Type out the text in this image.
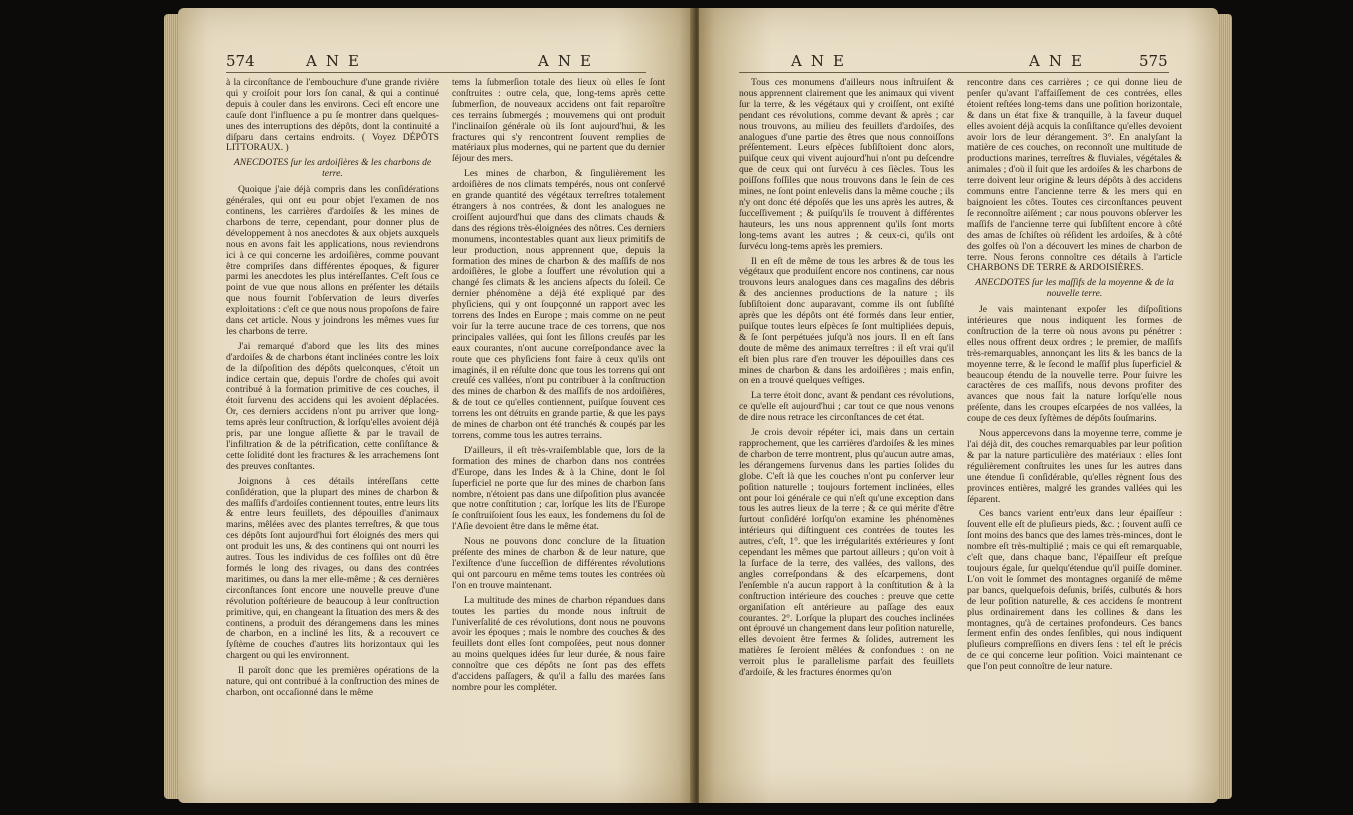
574	ANE	ANE

à la circonſtance de l'embouchure d'une grande rivière qui y croiſoit pour lors ſon canal, & qui a continué depuis à couler dans les environs. Ceci eſt encore une cauſe dont l'influence a pu ſe montrer dans quelques-unes des interruptions des dépôts, dont la continuité a diſparu dans certains endroits. ( Voyez DÉPÔTS LITTORAUX. )

ANECDOTES ſur les ardoiſières & les charbons de terre.

Quoique j'aie déjà compris dans les conſidérations générales, qui ont eu pour objet l'examen de nos continens, les carrières d'ardoiſes & les mines de charbons de terre, cependant, pour donner plus de développement à nos anecdotes & aux objets auxquels nous en avons fait les applications, nous reviendrons ici à ce qui concerne les ardoiſières, comme pouvant être compriſes dans différentes époques, & figurer parmi les anecdotes les plus intéreſſantes. C'eſt ſous ce point de vue que nous allons en préſenter les détails que nous fournit l'obſervation de leurs diverſes exploitations : c'eſt ce que nous nous propoſons de faire dans cet article. Nous y joindrons les mêmes vues ſur les charbons de terre.

J'ai remarqué d'abord que les lits des mines d'ardoiſes & de charbons étant inclinées contre les loix de la diſpoſition des dépôts quelconques, c'étoit un indice certain que, depuis l'ordre de choſes qui avoit contribué à la formation primitive de ces couches, il étoit ſurvenu des accidens qui les avoient déplacées. Or, ces derniers accidens n'ont pu arriver que long-tems après leur conſtruction, & lorſqu'elles avoient déjà pris, par une longue aſſiette & par le travail de l'infiltration & de la pétrification, cette conſiſtance & cette ſolidité dont les fractures & les arrachemens ſont des preuves conſtantes.

Joignons à ces détails intéreſſans cette conſidération, que la plupart des mines de charbon & des maſſifs d'ardoiſes contiennent toutes, entre leurs lits & entre leurs feuillets, des dépouilles d'animaux marins, mêlées avec des plantes terreſtres, & que tous ces dépôts ſont aujourd'hui fort éloignés des mers qui ont produit les uns, & des continens qui ont nourri les autres. Tous les individus de ces foſſiles ont dû être formés le long des rivages, ou dans des contrées maritimes, ou dans la mer elle-même ; & ces dernières circonſtances ſont encore une nouvelle preuve d'une révolution poſtérieure de beaucoup à leur conſtruction primitive, qui, en changeant la ſituation des mers & des continens, a produit des dérangemens dans les mines de charbon, en a incliné les lits, & a recouvert ce ſyſtème de couches d'autres lits horizontaux qui les chargent ou qui les environnent.

Il paroît donc que les premières opérations de la nature, qui ont contribué à la conſtruction des mines de charbon, ont occaſionné dans le même

tems la ſubmerſion totale des lieux où elles ſe ſont conſtruites : outre cela, que, long-tems après cette ſubmerſion, de nouveaux accidens ont fait reparoître ces terrains ſubmergés ; mouvemens qui ont produit l'inclinaiſon générale où ils ſont aujourd'hui, & les fractures qui s'y rencontrent ſouvent remplies de matériaux plus modernes, qui ne partent que du dernier ſéjour des mers.

Les mines de charbon, & ſingulièrement les ardoiſières de nos climats tempérés, nous ont conſervé en grande quantité des végétaux terreſtres totalement étrangers à nos contrées, & dont les analogues ne croiſſent aujourd'hui que dans des climats chauds & dans des régions très-éloignées des nôtres. Ces derniers monumens, incontestables quant aux lieux primitifs de leur production, nous apprennent que, depuis la formation des mines de charbon & des maſſifs de nos ardoiſières, le globe a ſouffert une révolution qui a changé ſes climats & les anciens aſpects du ſoleil. Ce dernier phénomène a déjà été expliqué par des phyſiciens, qui y ont ſoupçonné un rapport avec les torrens des Indes en Europe ; mais comme on ne peut voir ſur la terre aucune trace de ces torrens, que nos principales vallées, qui ſont les ſillons creuſés par les eaux courantes, n'ont aucune correſpondance avec la route que ces phyſiciens font faire à ceux qu'ils ont imaginés, il en réſulte donc que tous les torrens qui ont creuſé ces vallées, n'ont pu contribuer à la conſtruction des mines de charbon & des maſſifs de nos ardoiſières, & de tout ce qu'elles contiennent, puiſque ſouvent ces torrens les ont détruits en grande partie, & que les pays de mines de charbon ont été tranchés & coupés par les torrens, comme tous les autres terrains.

D'ailleurs, il eſt très-vraiſemblable que, lors de la formation des mines de charbon dans nos contrées d'Europe, dans les Indes & à la Chine, dont le ſol ſuperficiel ne porte que ſur des mines de charbon ſans nombre, n'étoient pas dans une diſpoſition plus avancée que notre conſtitution ; car, lorſque les lits de l'Europe ſe conſtruiſoient ſous les eaux, les fondemens du ſol de l'Aſie devoient être dans le même état.

Nous ne pouvons donc conclure de la ſituation préſente des mines de charbon & de leur nature, que l'exiſtence d'une ſucceſſion de différentes révolutions qui ont parcouru en même tems toutes les contrées où l'on en trouve maintenant.

La multitude des mines de charbon répandues dans toutes les parties du monde nous inſtruit de l'univerſalité de ces révolutions, dont nous ne pouvons avoir les époques ; mais le nombre des couches & des feuillets dont elles ſont compoſées, peut nous donner au moins quelques idées ſur leur durée, & nous faire connoître que ces dépôts ne ſont pas des effets d'accidens paſſagers, & qu'il a fallu des marées ſans nombre pour les compléter.

ANE	ANE	575

Tous ces monumens d'ailleurs nous inſtruiſent & nous apprennent clairement que les animaux qui vivent ſur la terre, & les végétaux qui y croiſſent, ont exiſté pendant ces révolutions, comme devant & après ; car nous trouvons, au milieu des feuillets d'ardoiſes, des analogues d'une partie des êtres que nous connoiſſons préſentement. Leurs eſpèces ſubſiſtoient donc alors, puiſque ceux qui vivent aujourd'hui n'ont pu deſcendre que de ceux qui ont ſurvécu à ces ſiècles. Tous les poiſſons foſſiles que nous trouvons dans le ſein de ces mines, ne ſont point enlevelis dans la même couche ; ils n'y ont donc été dépoſés que les uns après les autres, & ſucceſſivement ; & puiſqu'ils ſe trouvent à différentes hauteurs, les uns nous apprennent qu'ils ſont morts long-tems avant les autres ; & ceux-ci, qu'ils ont ſurvécu long-tems après les premiers.

Il en eſt de même de tous les arbres & de tous les végétaux que produiſent encore nos continens, car nous trouvons leurs analogues dans ces magaſins des débris & des anciennes productions de la nature ; ils ſubſiſtoient donc auparavant, comme ils ont ſubſiſté après que les dépôts ont été formés dans leur entier, puiſque toutes leurs eſpèces ſe ſont multipliées depuis, & ſe ſont perpétuées juſqu'à nos jours. Il en eſt ſans doute de même des animaux terreſtres : il eſt vrai qu'il eſt bien plus rare d'en trouver les dépouilles dans ces mines de charbon & dans les ardoiſières ; mais enfin, on en a trouvé quelques veſtiges.

La terre étoit donc, avant & pendant ces révolutions, ce qu'elle eſt aujourd'hui ; car tout ce que nous venons de dire nous retrace les circonſtances de cet état.

Je crois devoir répéter ici, mais dans un certain rapprochement, que les carrières d'ardoiſes & les mines de charbon de terre montrent, plus qu'aucun autre amas, les dérangemens ſurvenus dans les parties ſolides du globe. C'eſt là que les couches n'ont pu conſerver leur poſition naturelle ; toujours fortement inclinées, elles ont pour loi générale ce qui n'eſt qu'une exception dans tous les autres lieux de la terre ; & ce qui mérite d'être ſurtout conſidéré lorſqu'on examine les phénomènes intérieurs qui diſtinguent ces contrées de toutes les autres, c'eſt, 1°. que les irrégularités extérieures y ſont cependant les mêmes que partout ailleurs ; qu'on voit à la ſurface de la terre, des vallées, des vallons, des angles correſpondans & des eſcarpemens, dont l'enſemble n'a aucun rapport à la conſtitution & à la conſtruction intérieure des couches : preuve que cette organiſation eſt antérieure au paſſage des eaux courantes. 2°. Lorſque la plupart des couches inclinées ont éprouvé un changement dans leur poſition naturelle, elles devoient être fermes & ſolides, autrement les matières ſe ſeroient mêlées & confondues : on ne verroit plus le parallelisme parfait des feuillets d'ardoiſe, & les fractures énormes qu'on

rencontre dans ces carrières ; ce qui donne lieu de penſer qu'avant l'affaiſſement de ces contrées, elles étoient reſtées long-tems dans une poſition horizontale, & dans un état fixe & tranquille, à la faveur duquel elles avoient déjà acquis la conſiſtance qu'elles devoient avoir lors de leur dérangement. 3°. En analyſant la matière de ces couches, on reconnoît une multitude de productions marines, terreſtres & fluviales, végétales & animales ; d'où il ſuit que les ardoiſes & les charbons de terre doivent leur origine & leurs dépôts à des accidens communs entre l'ancienne terre & les mers qui en baignoient les côtes. Toutes ces circonſtances peuvent ſe reconnoître aiſément ; car nous pouvons obſerver les maſſifs de l'ancienne terre qui ſubſiſtent encore à côté des amas de ſchiſtes où réſident les ardoiſes, & à côté des golfes où l'on a découvert les mines de charbon de terre. Nous ferons connoître ces détails à l'article CHARBONS DE TERRE & ARDOISIÈRES.

ANECDOTES ſur les maſſifs de la moyenne & de la nouvelle terre.

Je vais maintenant expoſer les diſpoſitions intérieures que nous indiquent les formes de conſtruction de la terre où nous avons pu pénétrer : elles nous offrent deux ordres ; le premier, de maſſifs très-remarquables, annonçant les lits & les bancs de la moyenne terre, & le ſecond le maſſif plus ſuperficiel & beaucoup étendu de la nouvelle terre. Pour ſuivre les caractères de ces maſſifs, nous devons profiter des avances que nous fait la nature lorſqu'elle nous préſente, dans les croupes eſcarpées de nos vallées, la coupe de ces deux ſyſtèmes de dépôts ſouſmarins.

Nous appercevons dans la moyenne terre, comme je l'ai déjà dit, des couches remarquables par leur poſition & par la nature particulière des matériaux : elles ſont régulièrement conſtruites les unes ſur les autres dans une étendue ſi conſidérable, qu'elles règnent ſous des provinces entières, malgré les grandes vallées qui les ſéparent.

Ces bancs varient entr'eux dans leur épaiſſeur : ſouvent elle eſt de pluſieurs pieds, &c. ; ſouvent auſſi ce ſont moins des bancs que des lames très-minces, dont le nombre eſt très-multiplié ; mais ce qui eſt remarquable, c'eſt que, dans chaque banc, l'épaiſſeur eſt preſque toujours égale, ſur quelqu'étendue qu'il puiſſe dominer. L'on voit le ſommet des montagnes organiſé de même par bancs, quelquefois deſunis, briſés, culbutés & hors de leur poſition naturelle, & ces accidens ſe montrent plus ordinairement dans les collines & dans les montagnes, qu'à de certaines profondeurs. Ces bancs ſerment enfin des ondes ſenſibles, qui nous indiquent pluſieurs compreſſions en divers ſens : tel eſt le précis de ce qui concerne leur poſition. Voici maintenant ce que l'on peut connoître de leur nature.
